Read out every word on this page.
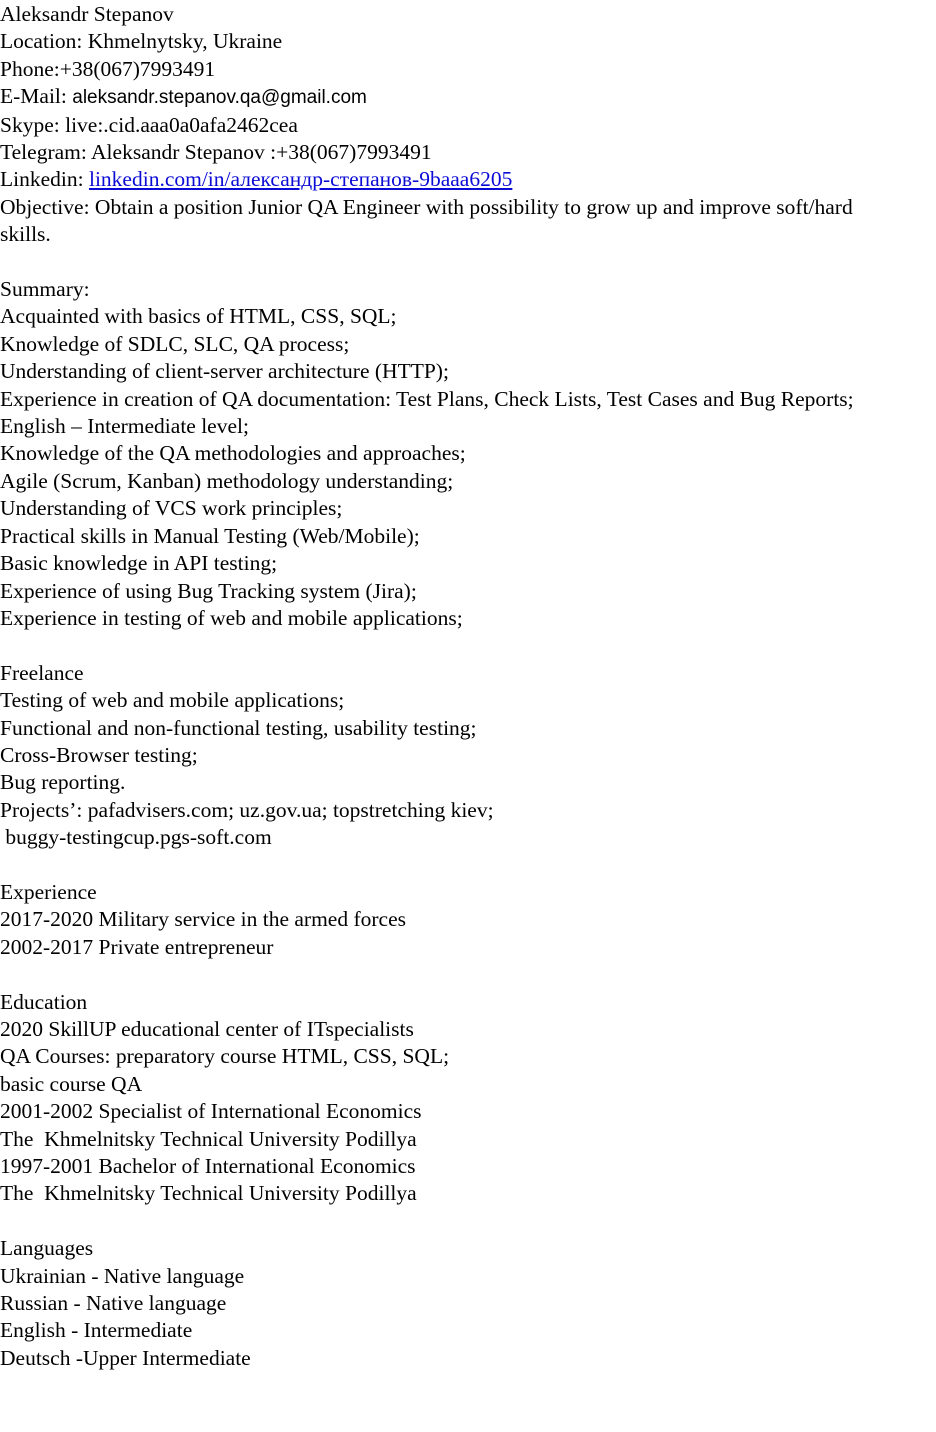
Aleksandr Stepanov
Location: Khmelnytsky, Ukraine
Phone:+38(067)7993491
E-Mail: aleksandr.stepanov.qa@gmail.com
Skype: live:.cid.aaa0a0afa2462cea
Telegram: Aleksandr Stepanov :+38(067)7993491
Linkedin: linkedin.com/in/александр-степанов-9baaa6205
Objective: Obtain a position Junior QA Engineer with possibility to grow up and improve soft/hard skills.
Summary:
Acquainted with basics of HTML, CSS, SQL;
Knowledge of SDLC, SLC, QA process;
Understanding of client-server architecture (HTTP);
Experience in creation of QA documentation: Test Plans, Check Lists, Test Cases and Bug Reports;
English – Intermediate level;
Knowledge of the QA methodologies and approaches;
Agile (Scrum, Kanban) methodology understanding;
Understanding of VCS work principles;
Practical skills in Manual Testing (Web/Mobile);
Basic knowledge in API testing;
Experience of using Bug Tracking system (Jira);
Experience in testing of web and mobile applications;
Freelance
Testing of web and mobile applications;
Functional and non-functional testing, usability testing;
Cross-Browser testing;
Bug reporting.
Projects’: pafadvisers.com; uz.gov.ua; topstretching kiev;
buggy-testingcup.pgs-soft.com
Experience
2017-2020 Military service in the armed forces
2002-2017 Private entrepreneur
Education
2020 SkillUP educational center of ITspecialists
QA Courses: preparatory course HTML, CSS, SQL;
basic course QA
2001-2002 Specialist of International Economics
The  Khmelnitsky Technical University Podillya
1997-2001 Bachelor of International Economics
The  Khmelnitsky Technical University Podillya
Languages
Ukrainian - Native language
Russian - Native language
English - Intermediate
Deutsch -Upper Intermediate
